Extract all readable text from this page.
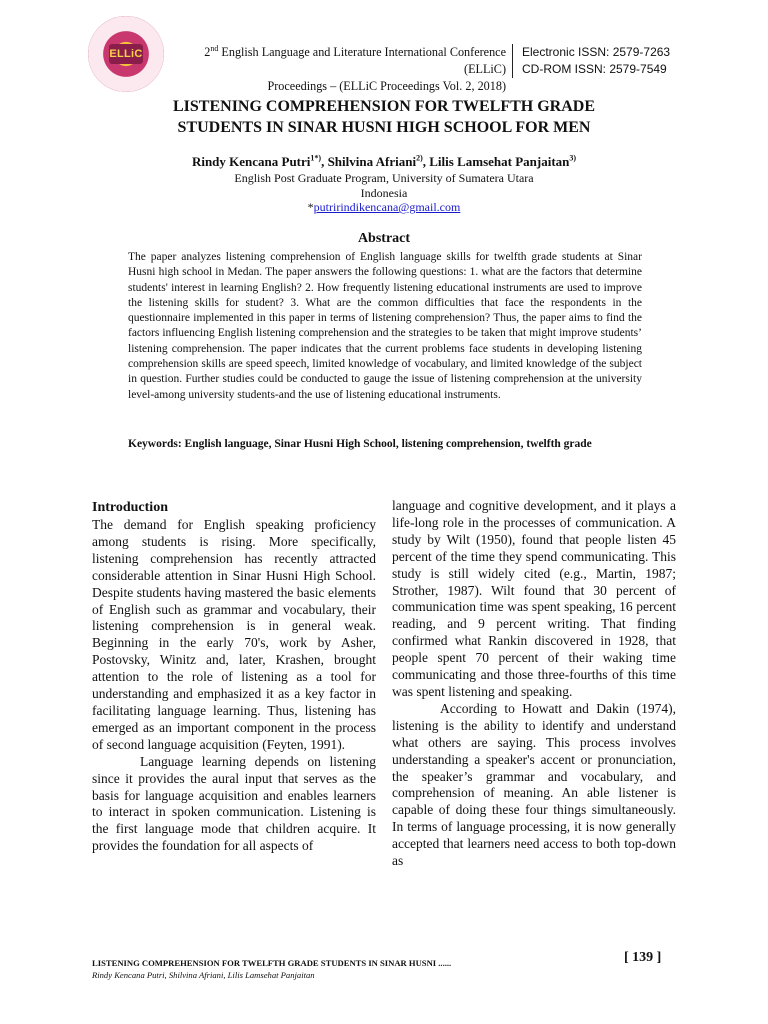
ELLiC	2nd English Language and Literature International Conference (ELLiC)
Proceedings – (ELLiC Proceedings Vol. 2, 2018)
Electronic ISSN: 2579-7263
CD-ROM ISSN: 2579-7549
LISTENING COMPREHENSION FOR TWELFTH GRADE
STUDENTS IN SINAR HUSNI HIGH SCHOOL FOR MEN
Rindy Kencana Putri$^{1*)}$, Shilvina Afriani$^{2)}$, Lilis Lamsehat Panjaitan$^{3)}$
English Post Graduate Program, University of Sumatera Utara
Indonesia
*putririndikencana@gmail.com
Abstract
The paper analyzes listening comprehension of English language skills for twelfth grade students at Sinar Husni high school in Medan. The paper answers the following questions: 1. what are the factors that determine students' interest in learning English? 2. How frequently listening educational instruments are used to improve the listening skills for student? 3. What are the common difficulties that face the respondents in the questionnaire implemented in this paper in terms of listening comprehension? Thus, the paper aims to find the factors influencing English listening comprehension and the strategies to be taken that might improve students’ listening comprehension. The paper indicates that the current problems face students in developing listening comprehension skills are speed speech, limited knowledge of vocabulary, and limited knowledge of the subject in question. Further studies could be conducted to gauge the issue of listening comprehension at the university level-among university students-and the use of listening educational instruments.
Keywords: English language, Sinar Husni High School, listening comprehension, twelfth grade

Introduction

The demand for English speaking proficiency among students is rising. More specifically, listening comprehension has recently attracted considerable attention in Sinar Husni High School. Despite students having mastered the basic elements of English such as grammar and vocabulary, their listening comprehension is in general weak. Beginning in the early 70's, work by Asher, Postovsky, Winitz and, later, Krashen, brought attention to the role of listening as a tool for understanding and emphasized it as a key factor in facilitating language learning. Thus, listening has emerged as an important component in the process of second language acquisition (Feyten, 1991).

Language learning depends on listening since it provides the aural input that serves as the basis for language acquisition and enables learners to interact in spoken communication. Listening is the first language mode that children acquire. It provides the foundation for all aspects of

language and cognitive development, and it plays a life-long role in the processes of communication. A study by Wilt (1950), found that people listen 45 percent of the time they spend communicating. This study is still widely cited (e.g., Martin, 1987; Strother, 1987). Wilt found that 30 percent of communication time was spent speaking, 16 percent reading, and 9 percent writing. That finding confirmed what Rankin discovered in 1928, that people spent 70 percent of their waking time communicating and those three-fourths of this time was spent listening and speaking.

According to Howatt and Dakin (1974), listening is the ability to identify and understand what others are saying. This process involves understanding a speaker's accent or pronunciation, the speaker’s grammar and vocabulary, and comprehension of meaning. An able listener is capable of doing these four things simultaneously. In terms of language processing, it is now generally accepted that learners need access to both top-down as

LISTENING COMPREHENSION FOR TWELFTH GRADE STUDENTS IN SINAR HUSNI ......
Rindy Kencana Putri, Shilvina Afriani, Lilis Lamsehat Panjaitan
[ 139 ]
